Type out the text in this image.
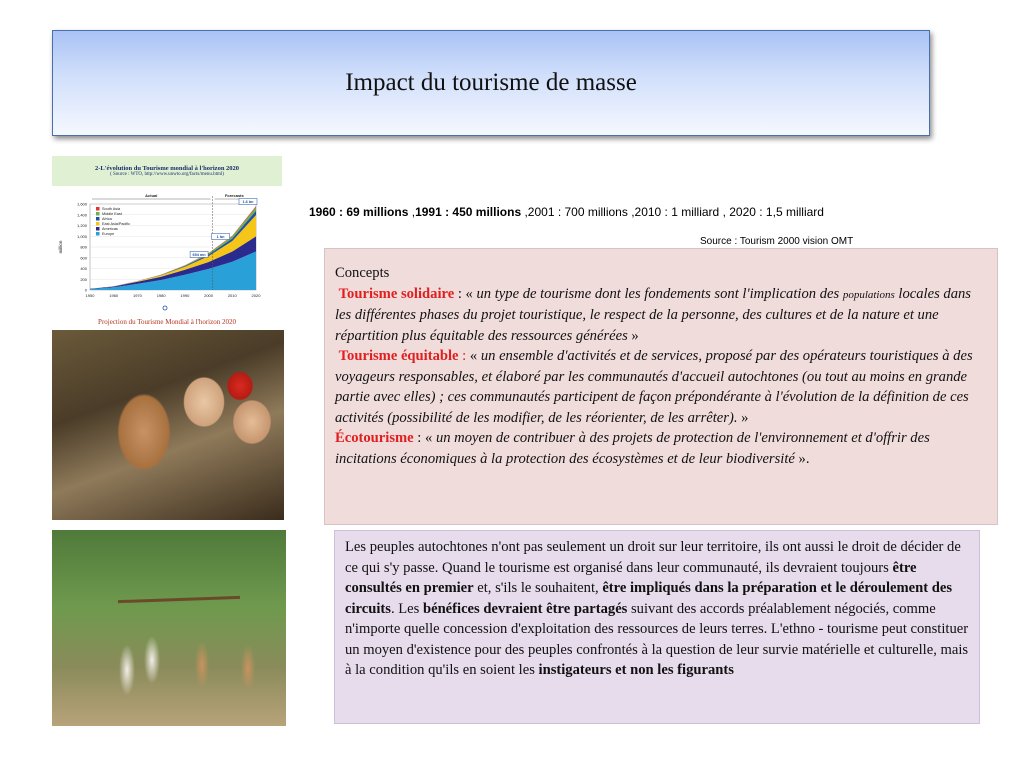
Impact du tourisme de masse
2-L'évolution du Tourisme mondial à l'horizon 2020
( Source : WTO, http://www.unwto.org/facts/menu.html)
0
200
400
600
800
1,000
1,200
1,400
1,600
1950	1960	1970	1980	1990	2000	2010	2020
million
Actual	Forecasts
1.6 bn
1 bn
694 mn
South Asia
Middle East
Africa
East Asia/Pacific
Americas
Europe
Projection du Tourisme Mondial à l'horizon 2020
1960 : 69 millions ,1991 : 450 millions ,2001 : 700 millions ,2010 : 1 milliard , 2020 : 1,5 milliard
Source : Tourism 2000 vision OMT

Concepts

Tourisme solidaire : « un type de tourisme dont les fondements sont l'implication des populations locales dans les différentes phases du projet touristique, le respect de la personne, des cultures et de la nature et une répartition plus équitable des ressources générées »

Tourisme équitable : « un ensemble d'activités et de services, proposé par des opérateurs touristiques à des voyageurs responsables, et élaboré par les communautés d'accueil autochtones (ou tout au moins en grande partie avec elles) ; ces communautés participent de façon prépondérante à l'évolution de la définition de ces activités (possibilité de les modifier, de les réorienter, de les arrêter). »

Écotourisme : « un moyen de contribuer à des projets de protection de l'environnement et d'offrir des incitations économiques à la protection des écosystèmes et de leur biodiversité ».

Les peuples autochtones n'ont pas seulement un droit sur leur territoire, ils ont aussi le droit de décider de ce qui s'y passe. Quand le tourisme est organisé dans leur communauté, ils devraient toujours être consultés en premier et, s'ils le souhaitent, être impliqués dans la préparation et le déroulement des circuits. Les bénéfices devraient être partagés suivant des accords préalablement négociés, comme n'importe quelle concession d'exploitation des ressources de leurs terres. L'ethno - tourisme peut constituer un moyen d'existence pour des peuples confrontés à la question de leur survie matérielle et culturelle, mais à la condition qu'ils en soient les instigateurs et non les figurants
